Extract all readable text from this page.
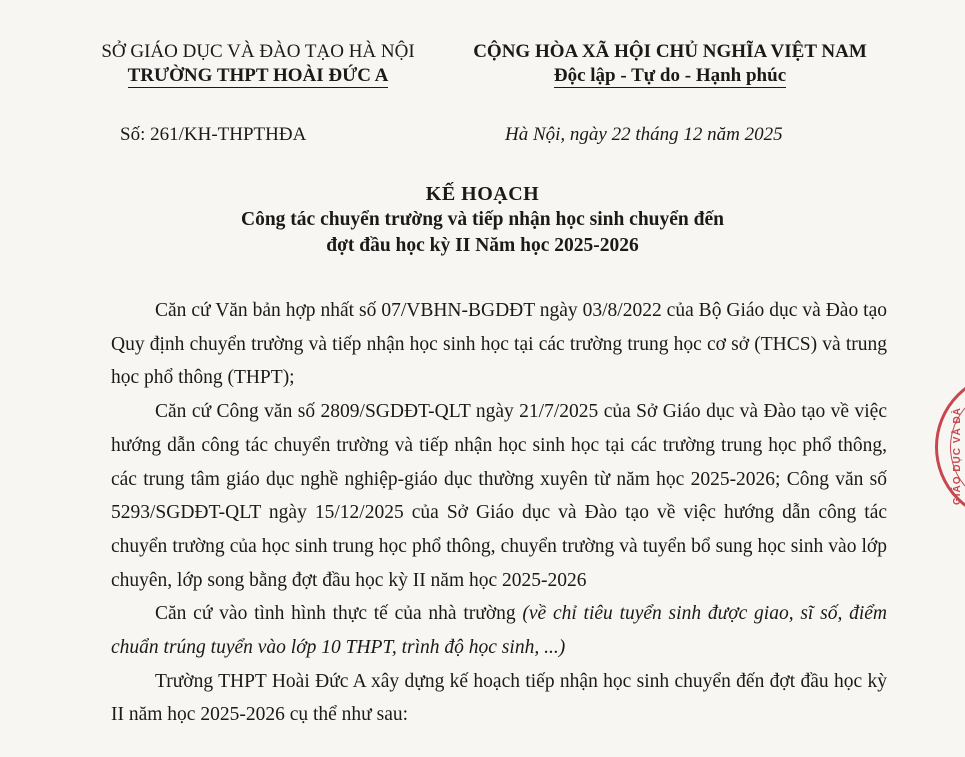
SỞ GIÁO DỤC VÀ ĐÀO TẠO HÀ NỘI
TRƯỜNG THPT HOÀI ĐỨC A
CỘNG HÒA XÃ HỘI CHỦ NGHĨA VIỆT NAM
Độc lập - Tự do - Hạnh phúc
Số: 261/KH-THPTHĐA	Hà Nội, ngày 22 tháng 12 năm 2025
KẾ HOẠCH
Công tác chuyển trường và tiếp nhận học sinh chuyển đến
đợt đầu học kỳ II Năm học 2025-2026

Căn cứ Văn bản hợp nhất số 07/VBHN-BGDĐT ngày 03/8/2022 của Bộ Giáo dục và Đào tạo Quy định chuyển trường và tiếp nhận học sinh học tại các trường trung học cơ sở (THCS) và trung học phổ thông (THPT);

Căn cứ Công văn số 2809/SGDĐT-QLT ngày 21/7/2025 của Sở Giáo dục và Đào tạo về việc hướng dẫn công tác chuyển trường và tiếp nhận học sinh học tại các trường trung học phổ thông, các trung tâm giáo dục nghề nghiệp-giáo dục thường xuyên từ năm học 2025-2026; Công văn số 5293/SGDĐT-QLT ngày 15/12/2025 của Sở Giáo dục và Đào tạo về việc hướng dẫn công tác chuyển trường của học sinh trung học phổ thông, chuyển trường và tuyển bổ sung học sinh vào lớp chuyên, lớp song bằng đợt đầu học kỳ II năm học 2025-2026

Căn cứ vào tình hình thực tế của nhà trường (về chỉ tiêu tuyển sinh được giao, sĩ số, điểm chuẩn trúng tuyển vào lớp 10 THPT, trình độ học sinh, ...)

Trường THPT Hoài Đức A xây dựng kế hoạch tiếp nhận học sinh chuyển đến đợt đầu học kỳ II năm học 2025-2026 cụ thể như sau:

GIÁO DỤC VÀ ĐÀ
